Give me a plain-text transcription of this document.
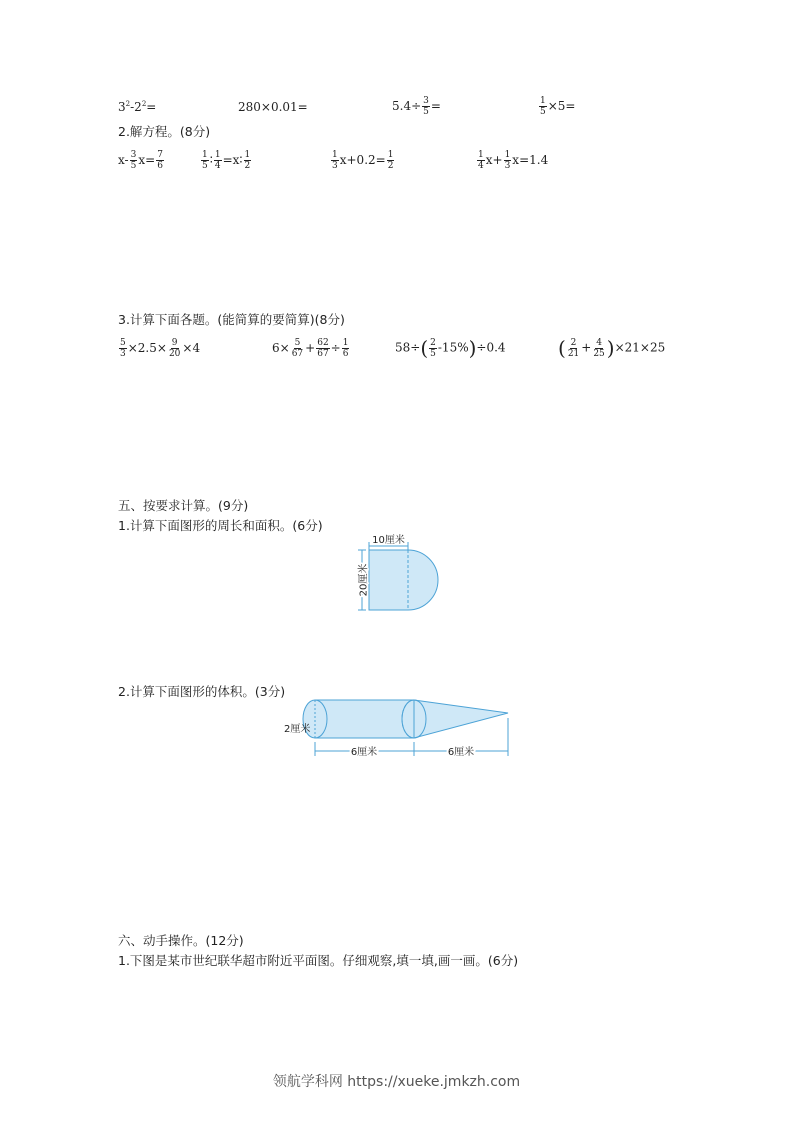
$3^2-2^2=$	280×0.01=	$5.4\div \frac{3}{5}$ =	$\frac{1}{5} \times 5=$
2.解方程。(8分)
$x- \frac{3}{5} x= \frac{7}{6}$	$\frac{1}{5}$ ∶ $\frac{1}{4}$ =x∶ $\frac{1}{2}$	$\frac{1}{3} x+0.2= \frac{1}{2}$	$\frac{1}{4} x+ \frac{1}{3} x=1.4$
3.计算下面各题。(能简算的要简算)(8分)
$\frac{5}{3} \times 2.5\times \frac{9}{20} \times 4$	$6\times \frac{5}{67} + \frac{62}{67} \div \frac{1}{6}$	$58\div( \frac{2}{5} -15\%)\div 0.4$	( $\frac{2}{21} + \frac{4}{25} )\times 21\times 25$
五、按要求计算。(9分)
1.计算下面图形的周长和面积。(6分)
10厘米
20厘米
2.计算下面图形的体积。(3分)
2厘米
6厘米	6厘米
六、动手操作。(12分)
1.下图是某市世纪联华超市附近平面图。仔细观察,填一填,画一画。(6分)
领航学科网 https://xueke.jmkzh.com
